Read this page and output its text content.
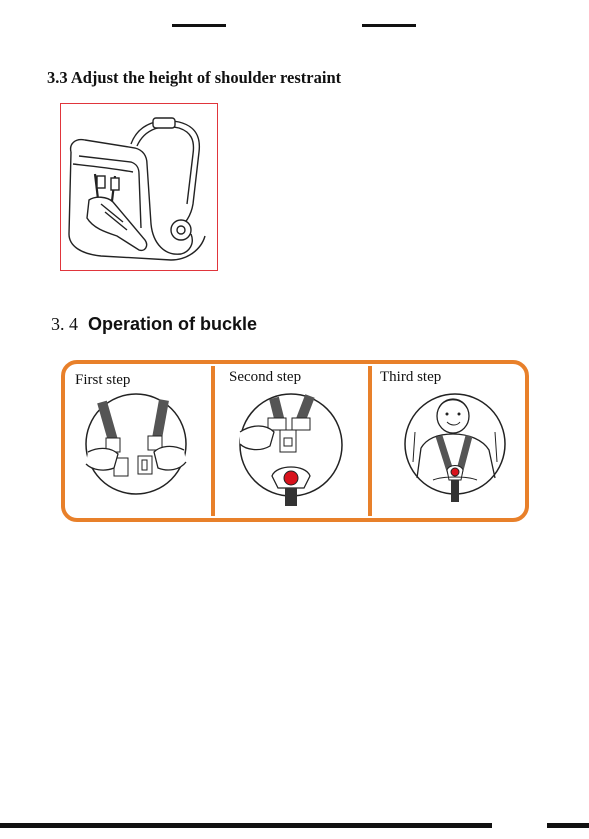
3.3 Adjust the height of shoulder restraint
3. 4 Operation of buckle

First step	Second step	Third step
